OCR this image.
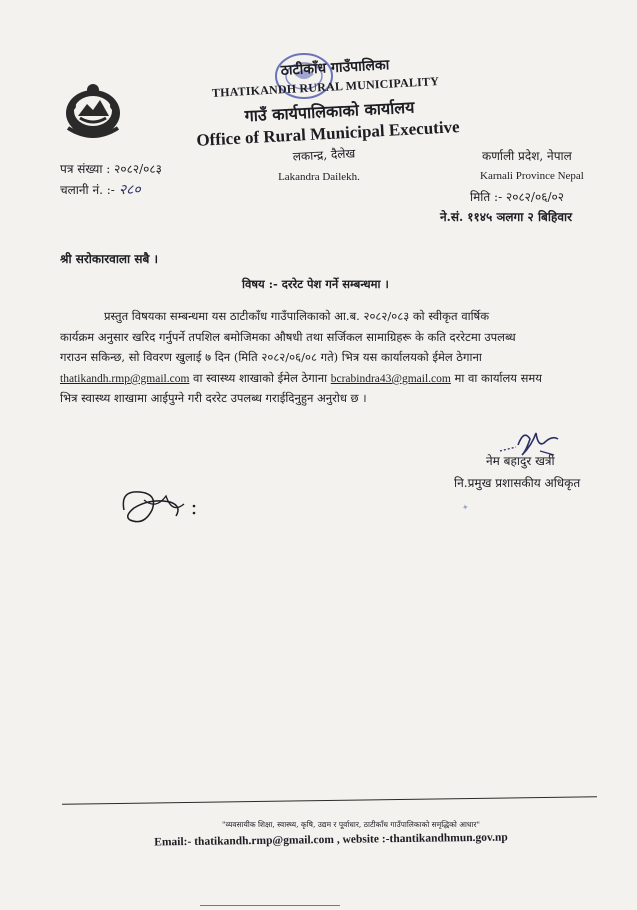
ठाटीकाँध गाउँपालिका
THATIKANDH RURAL MUNICIPALITY
गाउँ कार्यपालिकाको कार्यालय
Office of Rural Municipal Executive
लकान्द्र, दैलेख
Lakandra Dailekh.
पत्र संख्या : २०८२/०८३
चलानी नं. :- २८०
कर्णाली प्रदेश, नेपाल
Karnali Province Nepal
मिति :- २०८२/०६/०२
ने.सं. ११४५ ञलगा २ बिहिवार
श्री सरोकारवाला सबै ।
विषय :- दररेट पेश गर्ने सम्बन्धमा ।
प्रस्तुत विषयका सम्बन्धमा यस ठाटीकाँध गाउँपालिकाको आ.ब. २०८२/०८३ को स्वीकृत वार्षिक
कार्यक्रम अनुसार खरिद गर्नुपर्ने तपशिल बमोजिमका औषधी तथा सर्जिकल सामाग्रिहरू के कति दररेटमा उपलब्ध
गराउन सकिन्छ, सो विवरण खुलाई ७ दिन (मिति २०८२/०६/०८ गते) भित्र यस कार्यालयको ईमेल ठेगाना
thatikandh.rmp@gmail.com वा स्वास्थ्य शाखाको ईमेल ठेगाना bcrabindra43@gmail.com मा वा कार्यालय समय
भित्र स्वास्थ्य शाखामा आईपुग्ने गरी दररेट उपलब्ध गराईदिनुहुन अनुरोध छ ।
नेम बहादुर खत्री
नि.प्रमुख प्रशासकीय अधिकृत
✦
"व्यवसायीक शिक्षा, स्वास्थ्य, कृषि, उद्यम र पूर्वाधार, ठाटीकाँध गाउँपालिकाको समृद्धिको आधार"
Email:- thatikandh.rmp@gmail.com , website :-thantikandhmun.gov.np
